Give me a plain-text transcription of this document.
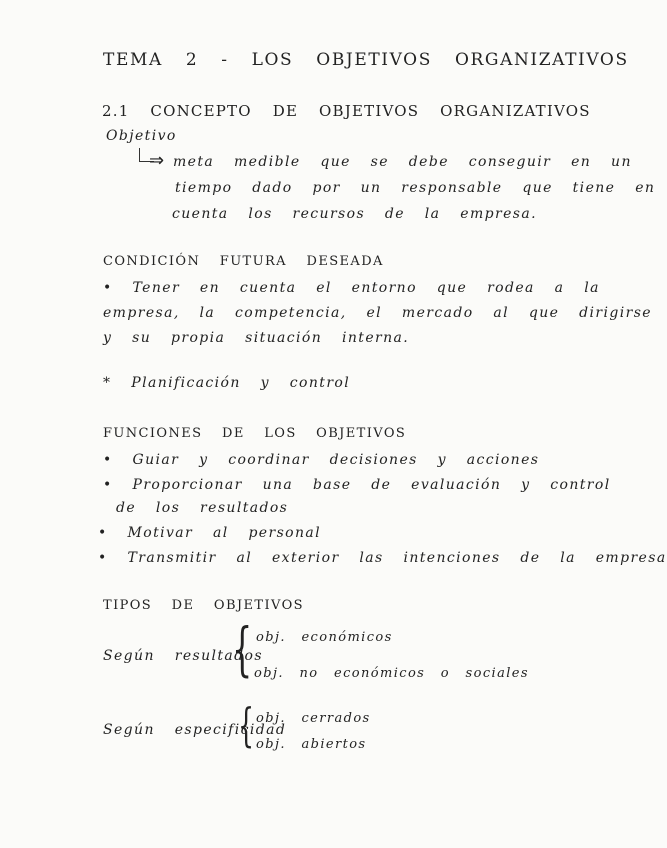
TEMA 2 - LOS OBJETIVOS ORGANIZATIVOS

2.1 CONCEPTO DE OBJETIVOS ORGANIZATIVOS

Objetivo

⇒ meta medible que se debe conseguir en un

tiempo dado por un responsable que tiene en

cuenta los recursos de la empresa.

CONDICIÓN FUTURA DESEADA

• Tener en cuenta el entorno que rodea a la

empresa, la competencia, el mercado al que dirigirse

y su propia situación interna.

* Planificación y control

FUNCIONES DE LOS OBJETIVOS

• Guiar y coordinar decisiones y acciones

• Proporcionar una base de evaluación y control

de los resultados

• Motivar al personal

• Transmitir al exterior las intenciones de la empresa

TIPOS DE OBJETIVOS

Según resultados

{ obj. económicos

obj. no económicos o sociales

Según especificidad

{ obj. cerrados

obj. abiertos
